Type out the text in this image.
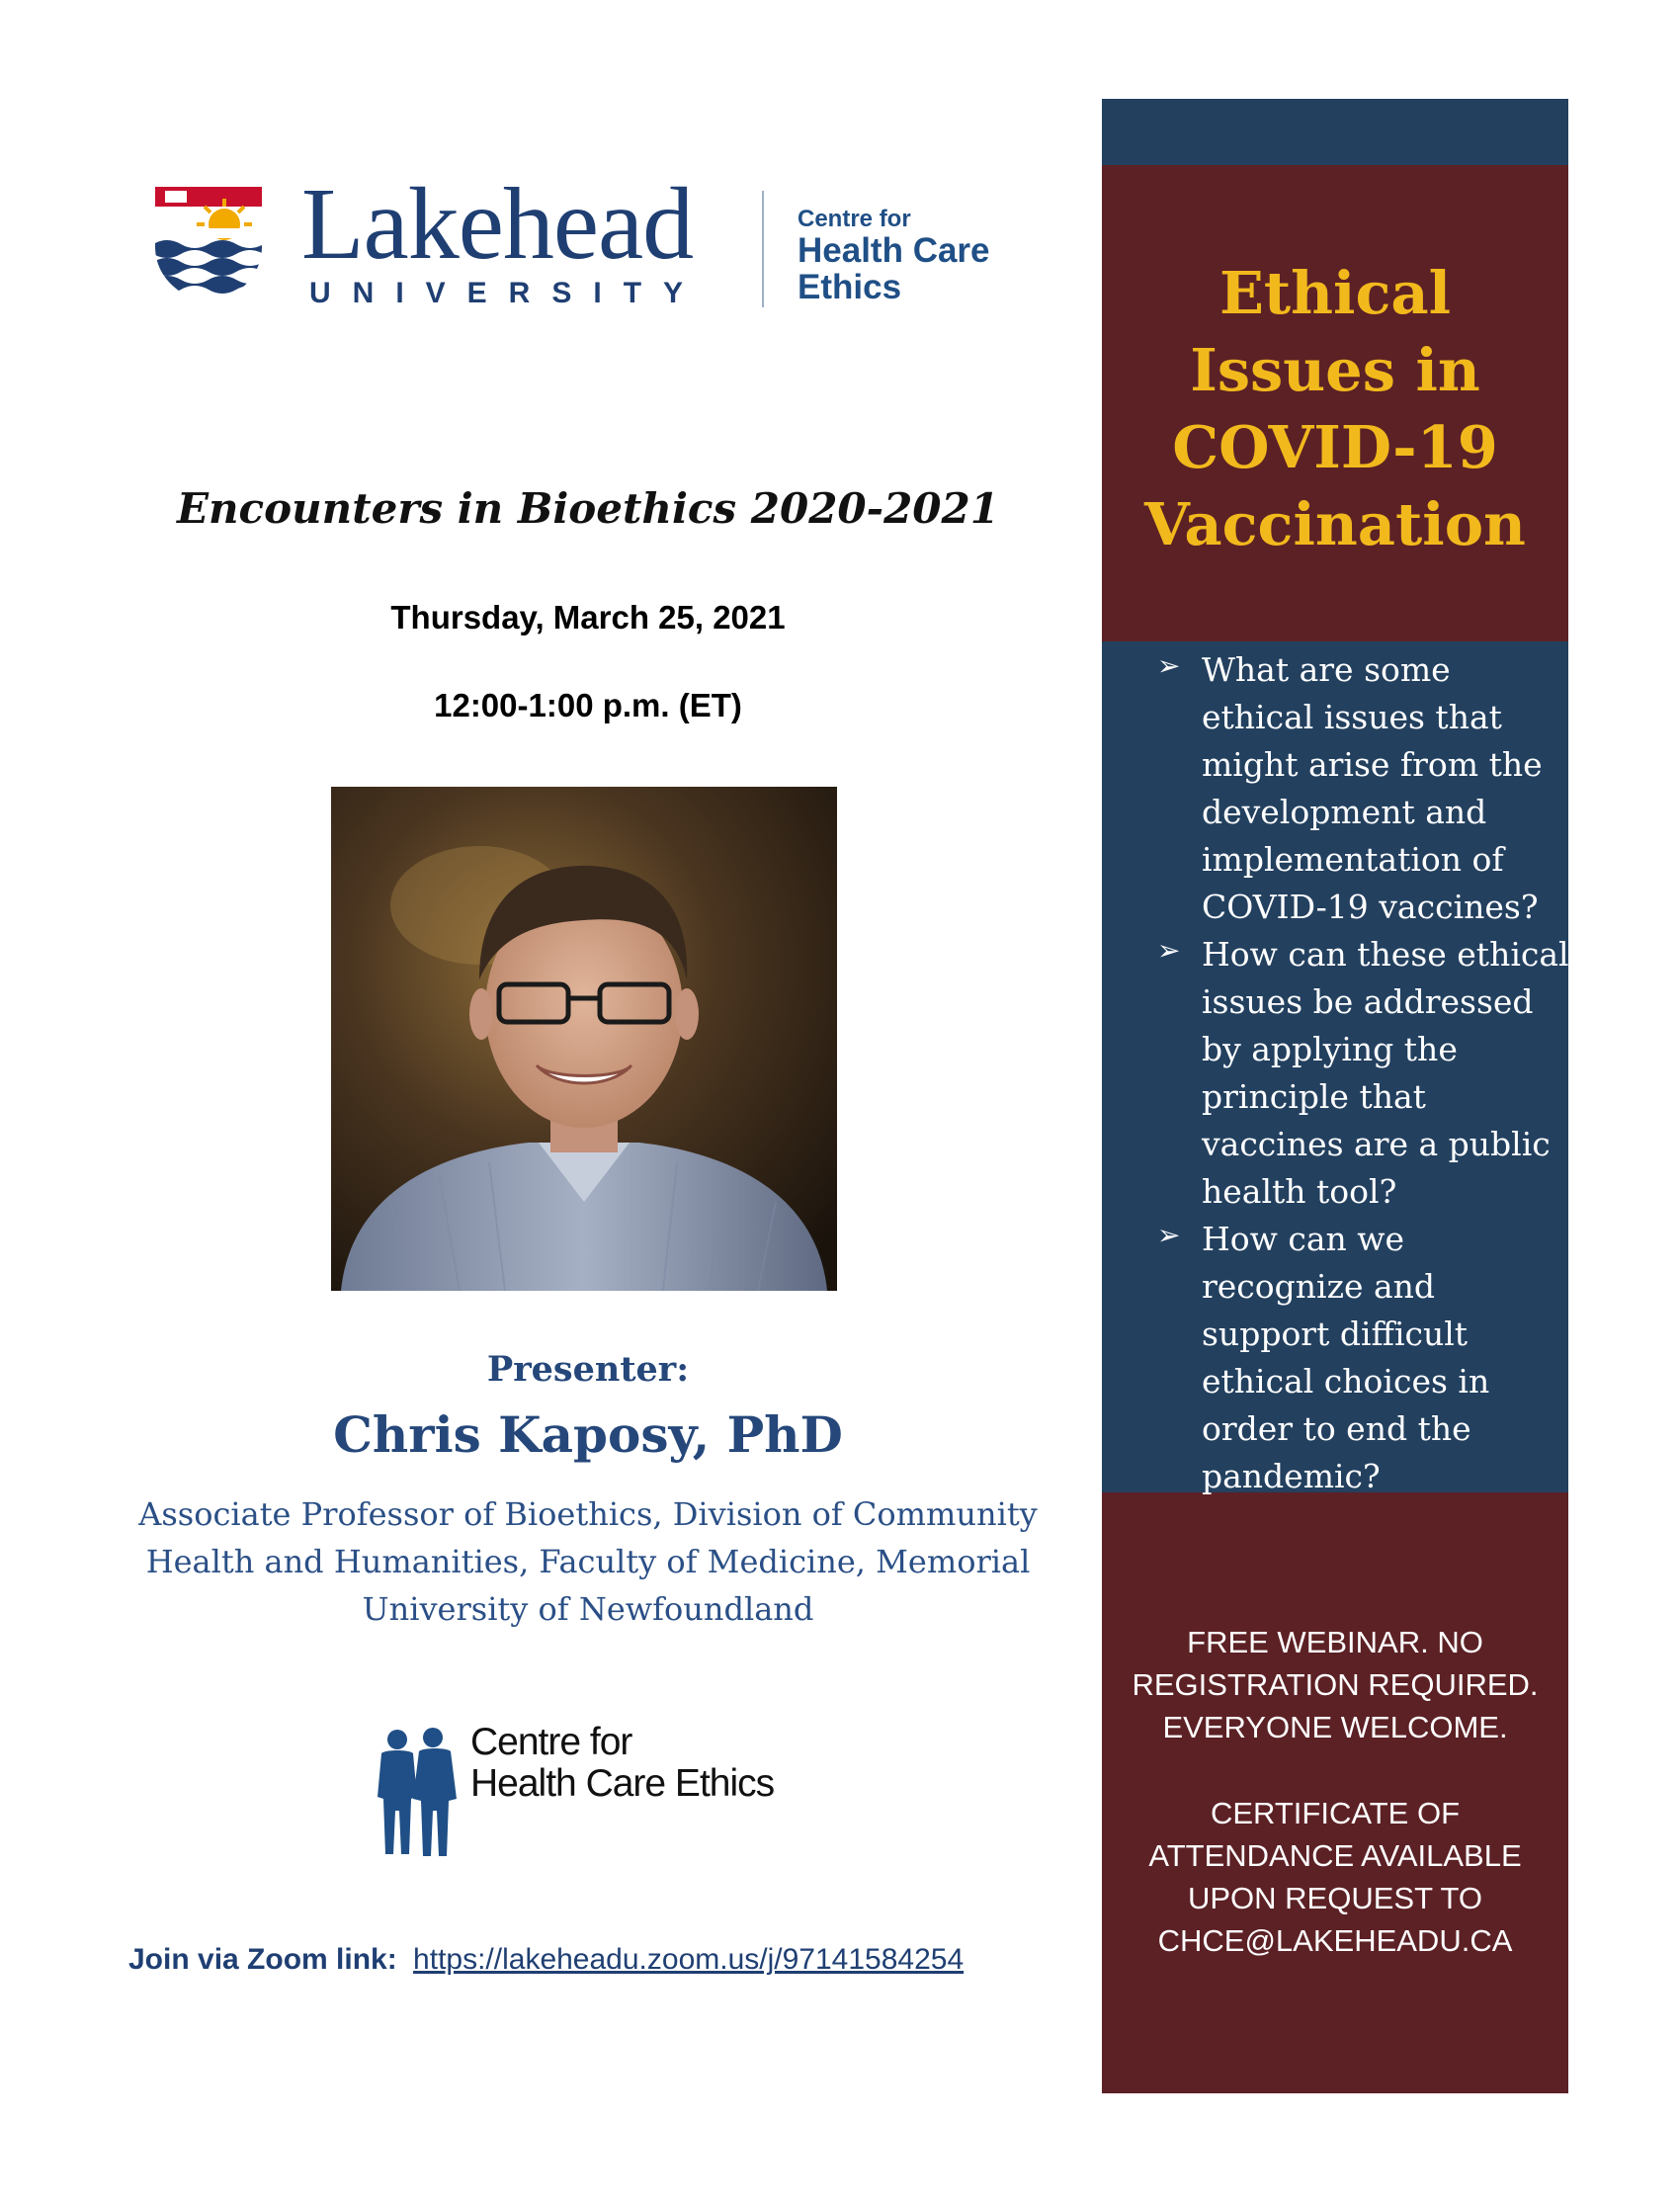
Lakehead
UNIVERSITY
Centre for
Health Care
Ethics
Encounters in Bioethics 2020-2021
Thursday, March 25, 2021
12:00-1:00 p.m. (ET)
Presenter:
Chris Kaposy, PhD
Associate Professor of Bioethics, Division of Community
Health and Humanities, Faculty of Medicine, Memorial
University of Newfoundland
Centre for
Health Care Ethics
Join via Zoom link: https://lakeheadu.zoom.us/j/97141584254
Ethical
Issues in
COVID-19
Vaccination
➢ What are some
ethical issues that
might arise from the
development and
implementation of
COVID-19 vaccines?
➢ How can these ethical
issues be addressed
by applying the
principle that
vaccines are a public
health tool?
➢ How can we
recognize and
support difficult
ethical choices in
order to end the
pandemic?
FREE WEBINAR. NO
REGISTRATION REQUIRED.
EVERYONE WELCOME.
CERTIFICATE OF
ATTENDANCE AVAILABLE
UPON REQUEST TO
CHCE@LAKEHEADU.CA
